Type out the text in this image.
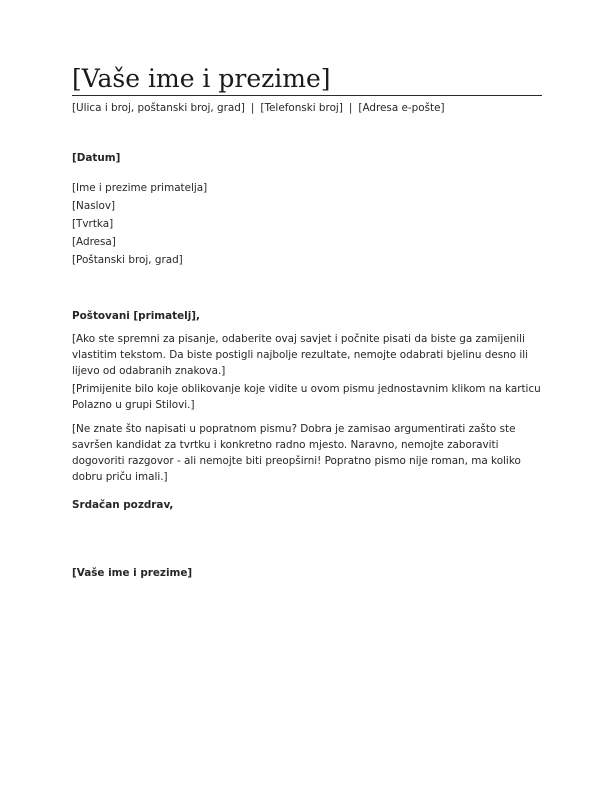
[Vaše ime i prezime]
[Ulica i broj, poštanski broj, grad] | [Telefonski broj] | [Adresa e-pošte]
[Datum]
[Ime i prezime primatelja]
[Naslov]
[Tvrtka]
[Adresa]
[Poštanski broj, grad]
Poštovani [primatelj],
[Ako ste spremni za pisanje, odaberite ovaj savjet i počnite pisati da biste ga zamijenili vlastitim tekstom. Da biste postigli najbolje rezultate, nemojte odabrati bjelinu desno ili lijevo od odabranih znakova.]
[Primijenite bilo koje oblikovanje koje vidite u ovom pismu jednostavnim klikom na karticu Polazno u grupi Stilovi.]
[Ne znate što napisati u popratnom pismu? Dobra je zamisao argumentirati zašto ste savršen kandidat za tvrtku i konkretno radno mjesto. Naravno, nemojte zaboraviti dogovoriti razgovor - ali nemojte biti preopširni! Popratno pismo nije roman, ma koliko dobru priču imali.]
Srdačan pozdrav,
[Vaše ime i prezime]
